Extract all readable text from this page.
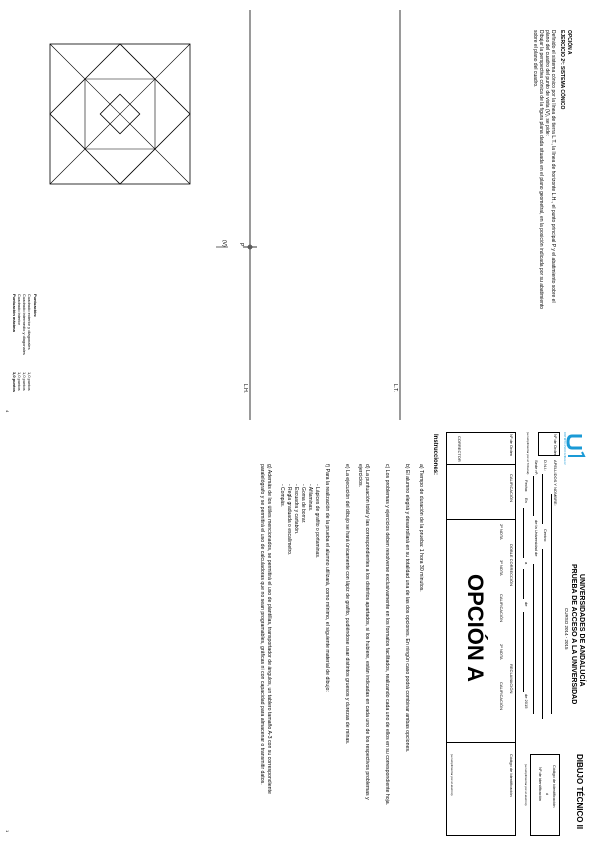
OPCIÓN A
EJERCICIO 2º: SISTEMA CÓNICO
Definido el sistema cónico por la línea de tierra L.T., la línea de horizonte L.H., el punto principal P y el abatimiento sobre el
plano del cuadro del punto de vista (V), se pide:
Dibujar la perspectiva cónica de la figura plana dada situada en el plano geometral, en la posición indicada por su abatimiento
sobre el plano del cuadro.
(V) P
L.H.	L.T.
Puntuación:
Cuadrado exterior y diagonales
1,0 puntos
Cuadrado intermedio y diagonales
1,0 puntos
Cuadrado interior
1,0 puntos
Puntuación máxima
3,0 puntos
4
DISTRITO ÚNICO ANDALUZ
UNIVERSIDADES DE ANDALUCÍA
PRUEBA DE ACCESO A LA UNIVERSIDAD
CURSO 2014 - 2015
DIBUJO TÉCNICO II
Nº de Orden
APELLIDOS Y NOMBRE:
D.N.I.:
Centro:
Sede nº:
de la Universidad de
(a cumplimentar por el Tribunal)
Fecha:
En
a
de
de 2015
Código de identificación
ó
Nº de identificación
(a cumplimentar por el alumno)
Nº de Orden
CALIFICACIÓN
DOBLE CORRECCIÓN
RECLAMACIÓN
2ª NOTA
3ª NOTA
CALIFICACIÓN
2ª NOTA
CALIFICACIÓN
OPCIÓN A
CORRECTOR
Código de Identificación
(a cumplimentar por el alumno)
Instrucciones:
a) Tiempo de duración de la prueba: 1 hora 30 minutos.
b) El alumno elegirá y desarrollará en su totalidad una de las dos opciones. En ningún caso podrá combinar ambas opciones.
c) Los problemas y ejercicios deben resolverse exclusivamente en los formatos facilitados, realizando cada uno de ellos en su correspondiente hoja.
d) La puntuación total y las correspondientes a los distintos apartados, si los hubiere, están indicadas en cada uno de los respectivos problemas y ejercicios.
e) La ejecución del dibujo se hará únicamente con lápiz de grafito, pudiéndose usar distintos gruesos y durezas de minas.
f) Para la realización de la prueba el alumno utilizará, como mínimo, el siguiente material de dibujo:
- Lápices de grafito o portaminas.
- Afilaminas.
- Goma de borrar.
- Escuadra y cartabón.
- Regla graduada o escalímetro.
- Compás.
g) Además de los útiles mencionados, se permitirá el uso de plantillas, transportador de ángulos, un tablero tamaño A-3 con su correspondiente paralelógrafo y se permitirá el uso de calculadoras que no sean programables, gráficas ni con capacidad para almacenar o transmitir datos.
1
